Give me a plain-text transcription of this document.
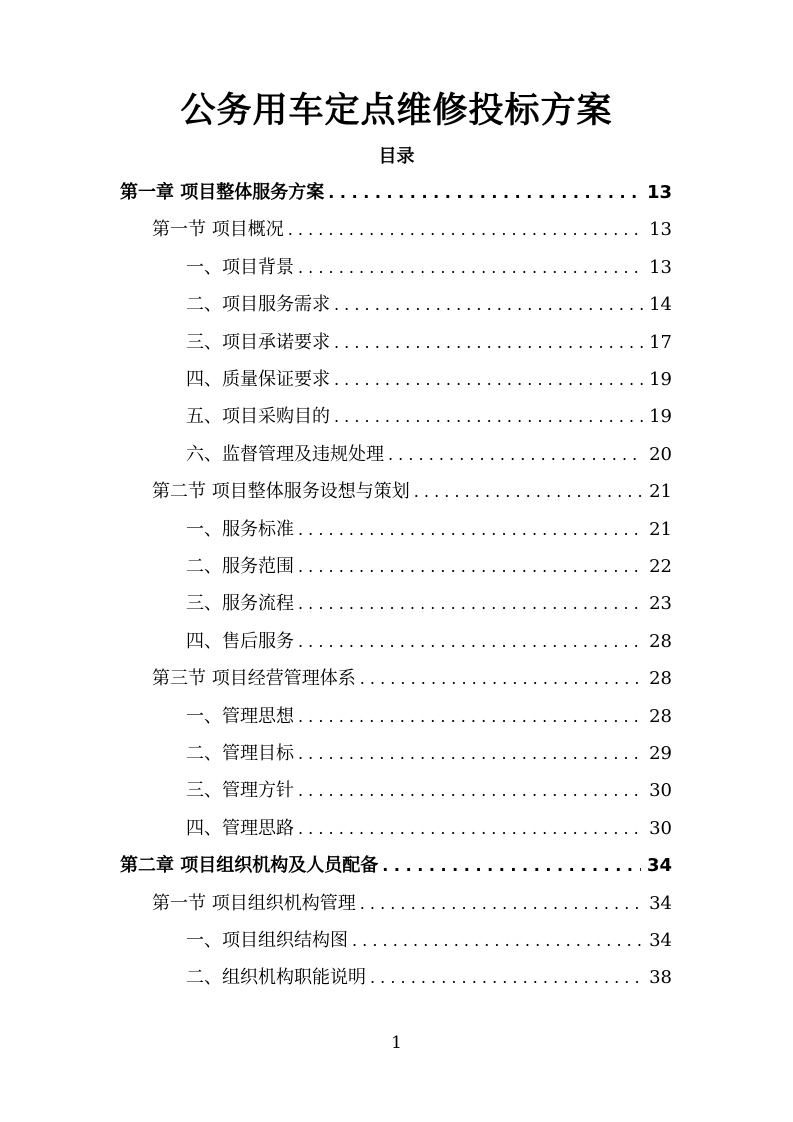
公务用车定点维修投标方案
目录
第一章 项目整体服务方案 . . .	13
第一节 项目概况 . . .	13
一、项目背景 . . .	13
二、项目服务需求 . . .	14
三、项目承诺要求 . . .	17
四、质量保证要求 . . .	19
五、项目采购目的 . . .	19
六、监督管理及违规处理 . . .	20
第二节 项目整体服务设想与策划 . . .	21
一、服务标准 . . .	21
二、服务范围 . . .	22
三、服务流程 . . .	23
四、售后服务 . . .	28
第三节 项目经营管理体系 . . .	28
一、管理思想 . . .	28
二、管理目标 . . .	29
三、管理方针 . . .	30
四、管理思路 . . .	30
第二章 项目组织机构及人员配备 . . .	34
第一节 项目组织机构管理 . . .	34
一、项目组织结构图 . . .	34
二、组织机构职能说明 . . .	38
1
